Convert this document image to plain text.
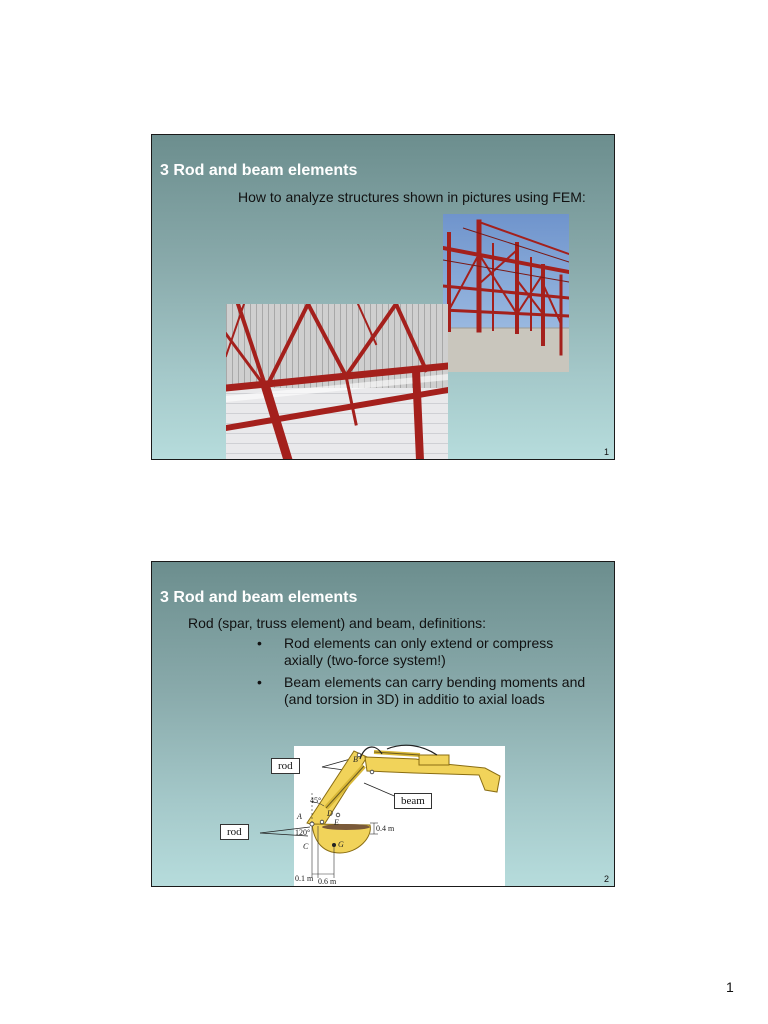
3 Rod and beam elements
How to analyze structures shown in pictures using FEM:
1
3 Rod and beam elements
Rod (spar, truss element) and beam, definitions:
• Rod elements can only extend or compress axially (two-force system!)
• Beam elements can carry bending moments and (and torsion in 3D) in additio to axial loads
rod
beam
rod
45°
120°
A
B
C
D
E
G
0.4 m
0.1 m 0.6 m	2
1
